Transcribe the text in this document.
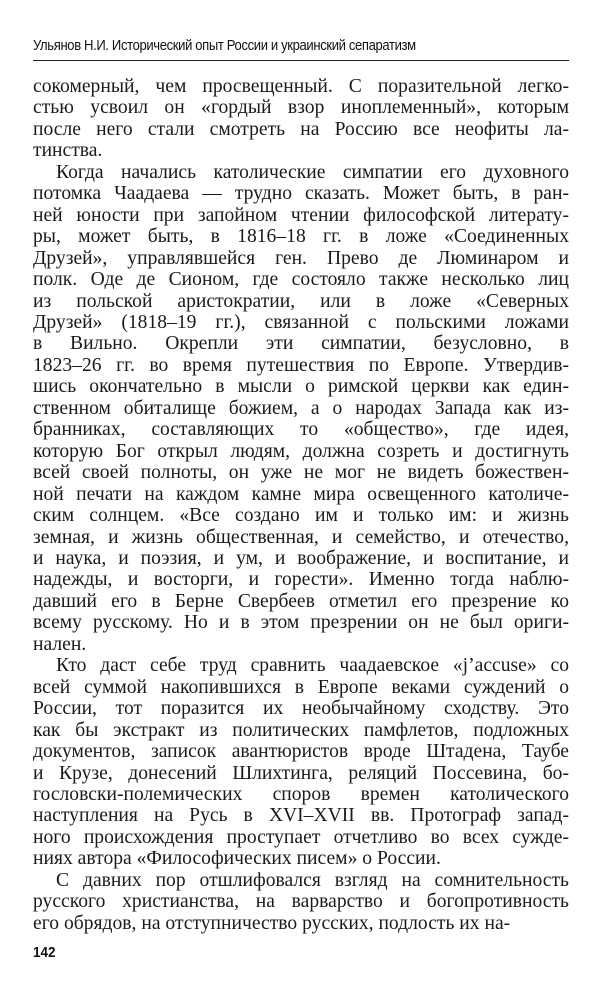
Ульянов Н.И. Исторический опыт России и украинский сепаратизм
сокомерный, чем просвещенный. С поразительной легко-
стью усвоил он «гордый взор иноплеменный», которым
после него стали смотреть на Россию все неофиты ла-
тинства.
Когда начались католические симпатии его духовного
потомка Чаадаева — трудно сказать. Может быть, в ран-
ней юности при запойном чтении философской литерату-
ры, может быть, в 1816–18 гг. в ложе «Соединенных
Друзей», управлявшейся ген. Прево де Люминаром и
полк. Оде де Сионом, где состояло также несколько лиц
из польской аристократии, или в ложе «Северных
Друзей» (1818–19 гг.), связанной с польскими ложами
в Вильно. Окрепли эти симпатии, безусловно, в
1823–26 гг. во время путешествия по Европе. Утвердив-
шись окончательно в мысли о римской церкви как един-
ственном обиталище божием, а о народах Запада как из-
бранниках, составляющих то «общество», где идея,
которую Бог открыл людям, должна созреть и достигнуть
всей своей полноты, он уже не мог не видеть божествен-
ной печати на каждом камне мира освещенного католиче-
ским солнцем. «Все создано им и только им: и жизнь
земная, и жизнь общественная, и семейство, и отечество,
и наука, и поэзия, и ум, и воображение, и воспитание, и
надежды, и восторги, и горести». Именно тогда наблю-
давший его в Берне Свербеев отметил его презрение ко
всему русскому. Но и в этом презрении он не был ориги-
нален.
Кто даст себе труд сравнить чаадаевское «j’accuse» со
всей суммой накопившихся в Европе веками суждений о
России, тот поразится их необычайному сходству. Это
как бы экстракт из политических памфлетов, подложных
документов, записок авантюристов вроде Штадена, Таубе
и Крузе, донесений Шлихтинга, реляций Поссевина, бо-
гословски-полемических споров времен католического
наступления на Русь в XVI–XVII вв. Протограф запад-
ного происхождения проступает отчетливо во всех сужде-
ниях автора «Философических писем» о России.
С давних пор отшлифовался взгляд на сомнительность
русского христианства, на варварство и богопротивность
его обрядов, на отступничество русских, подлость их на-
142
